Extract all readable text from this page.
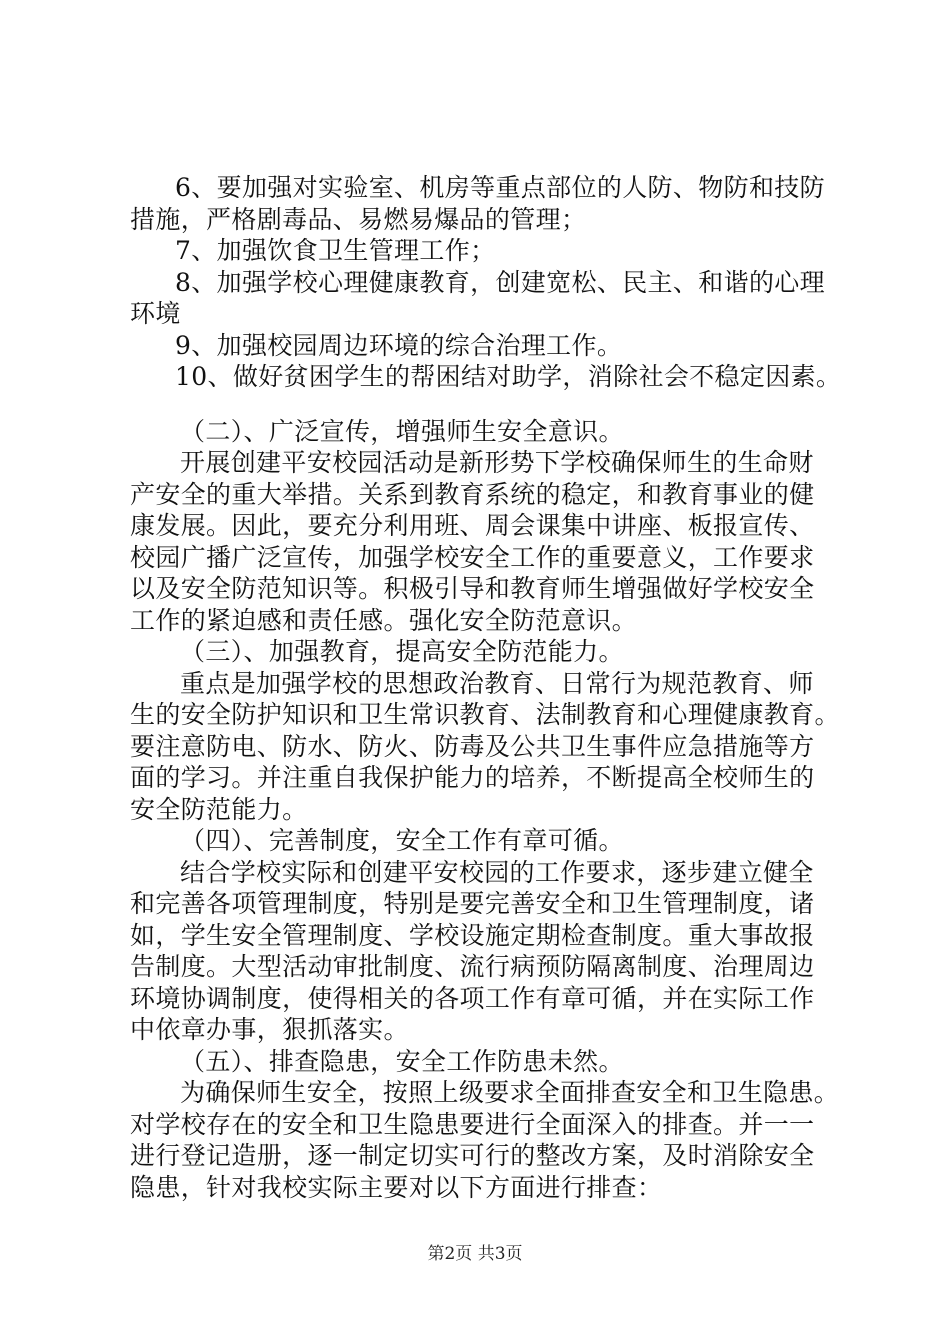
6、要加强对实验室、机房等重点部位的人防、物防和技防
措施，严格剧毒品、易燃易爆品的管理；
7、加强饮食卫生管理工作；
8、加强学校心理健康教育，创建宽松、民主、和谐的心理
环境
9、加强校园周边环境的综合治理工作。
10、做好贫困学生的帮困结对助学，消除社会不稳定因素。
（二）、广泛宣传，增强师生安全意识。
开展创建平安校园活动是新形势下学校确保师生的生命财
产安全的重大举措。关系到教育系统的稳定，和教育事业的健
康发展。因此，要充分利用班、周会课集中讲座、板报宣传、
校园广播广泛宣传，加强学校安全工作的重要意义，工作要求
以及安全防范知识等。积极引导和教育师生增强做好学校安全
工作的紧迫感和责任感。强化安全防范意识。
（三）、加强教育，提高安全防范能力。
重点是加强学校的思想政治教育、日常行为规范教育、师
生的安全防护知识和卫生常识教育、法制教育和心理健康教育。
要注意防电、防水、防火、防毒及公共卫生事件应急措施等方
面的学习。并注重自我保护能力的培养，不断提高全校师生的
安全防范能力。
（四）、完善制度，安全工作有章可循。
结合学校实际和创建平安校园的工作要求，逐步建立健全
和完善各项管理制度，特别是要完善安全和卫生管理制度，诸
如，学生安全管理制度、学校设施定期检查制度。重大事故报
告制度。大型活动审批制度、流行病预防隔离制度、治理周边
环境协调制度，使得相关的各项工作有章可循，并在实际工作
中依章办事，狠抓落实。
（五）、排查隐患，安全工作防患未然。
为确保师生安全，按照上级要求全面排查安全和卫生隐患。
对学校存在的安全和卫生隐患要进行全面深入的排查。并一一
进行登记造册，逐一制定切实可行的整改方案，及时消除安全
隐患，针对我校实际主要对以下方面进行排查：
第2页 共3页
